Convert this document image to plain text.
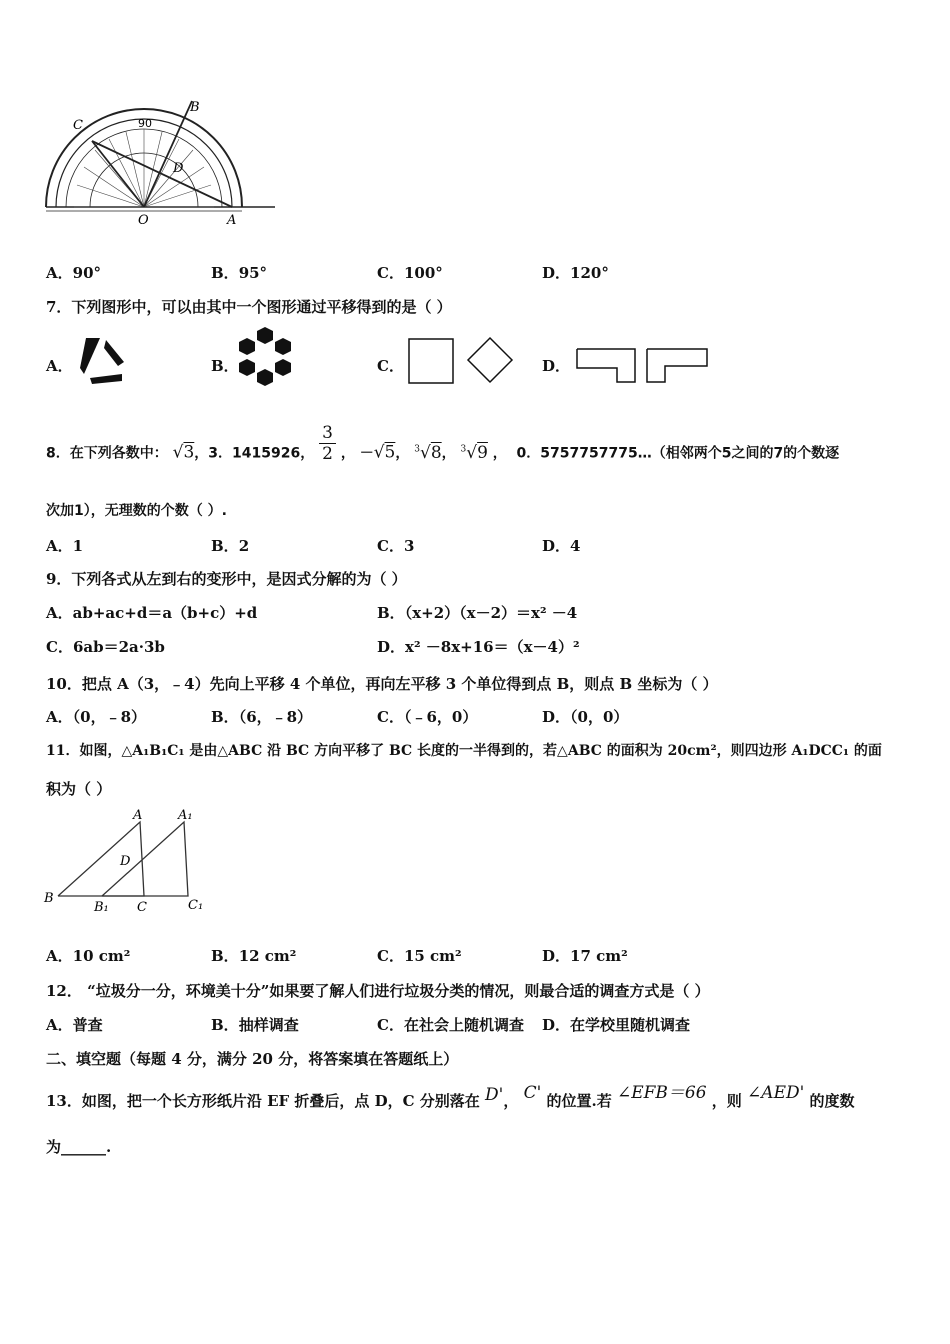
B
C	90
D
O	A
A．90°	B．95°	C．100°	D．120°
7．下列图形中，可以由其中一个图形通过平移得到的是（ ）
A．	B．	C．	D．
8．在下列各数中： √3，3．1415926， $\frac{3}{2}$ ， －√5， $^3$√8， $^3$√9 ， 0．5757757775…（相邻两个5之间的7的个数逐
次加1），无理数的个数（ ）.
A．1	B．2	C．3	D．4
9．下列各式从左到右的变形中，是因式分解的为（ ）
A．ab+ac+d＝a（b+c）+d	B．（x+2）（x－2）＝x² －4
C．6ab＝2a·3b	D．x² －8x+16＝（x－4）²
10．把点 A（3，﹣4）先向上平移 4 个单位，再向左平移 3 个单位得到点 B，则点 B 坐标为（ ）
A．（0，﹣8）	B．（6，﹣8）	C．（﹣6，0）	D．（0，0）
11．如图，△A₁B₁C₁ 是由△ABC 沿 BC 方向平移了 BC 长度的一半得到的，若△ABC 的面积为 20cm²，则四边形 A₁DCC₁ 的面
积为（ ）
A	A₁
D
B
B₁ C	C₁
A．10 cm²	B．12 cm²	C．15 cm²	D．17 cm²
12． “垃圾分一分，环境美十分”如果要了解人们进行垃圾分类的情况，则最合适的调查方式是（ ）
A．普查	B．抽样调查	C．在社会上随机调查 D．在学校里随机调查
二、填空题（每题 4 分，满分 20 分，将答案填在答题纸上）
13．如图，把一个长方形纸片沿 EF 折叠后，点 D，C 分别落在 D'， C' 的位置.若 ∠EFB＝66 ，则 ∠AED' 的度数
为______.
